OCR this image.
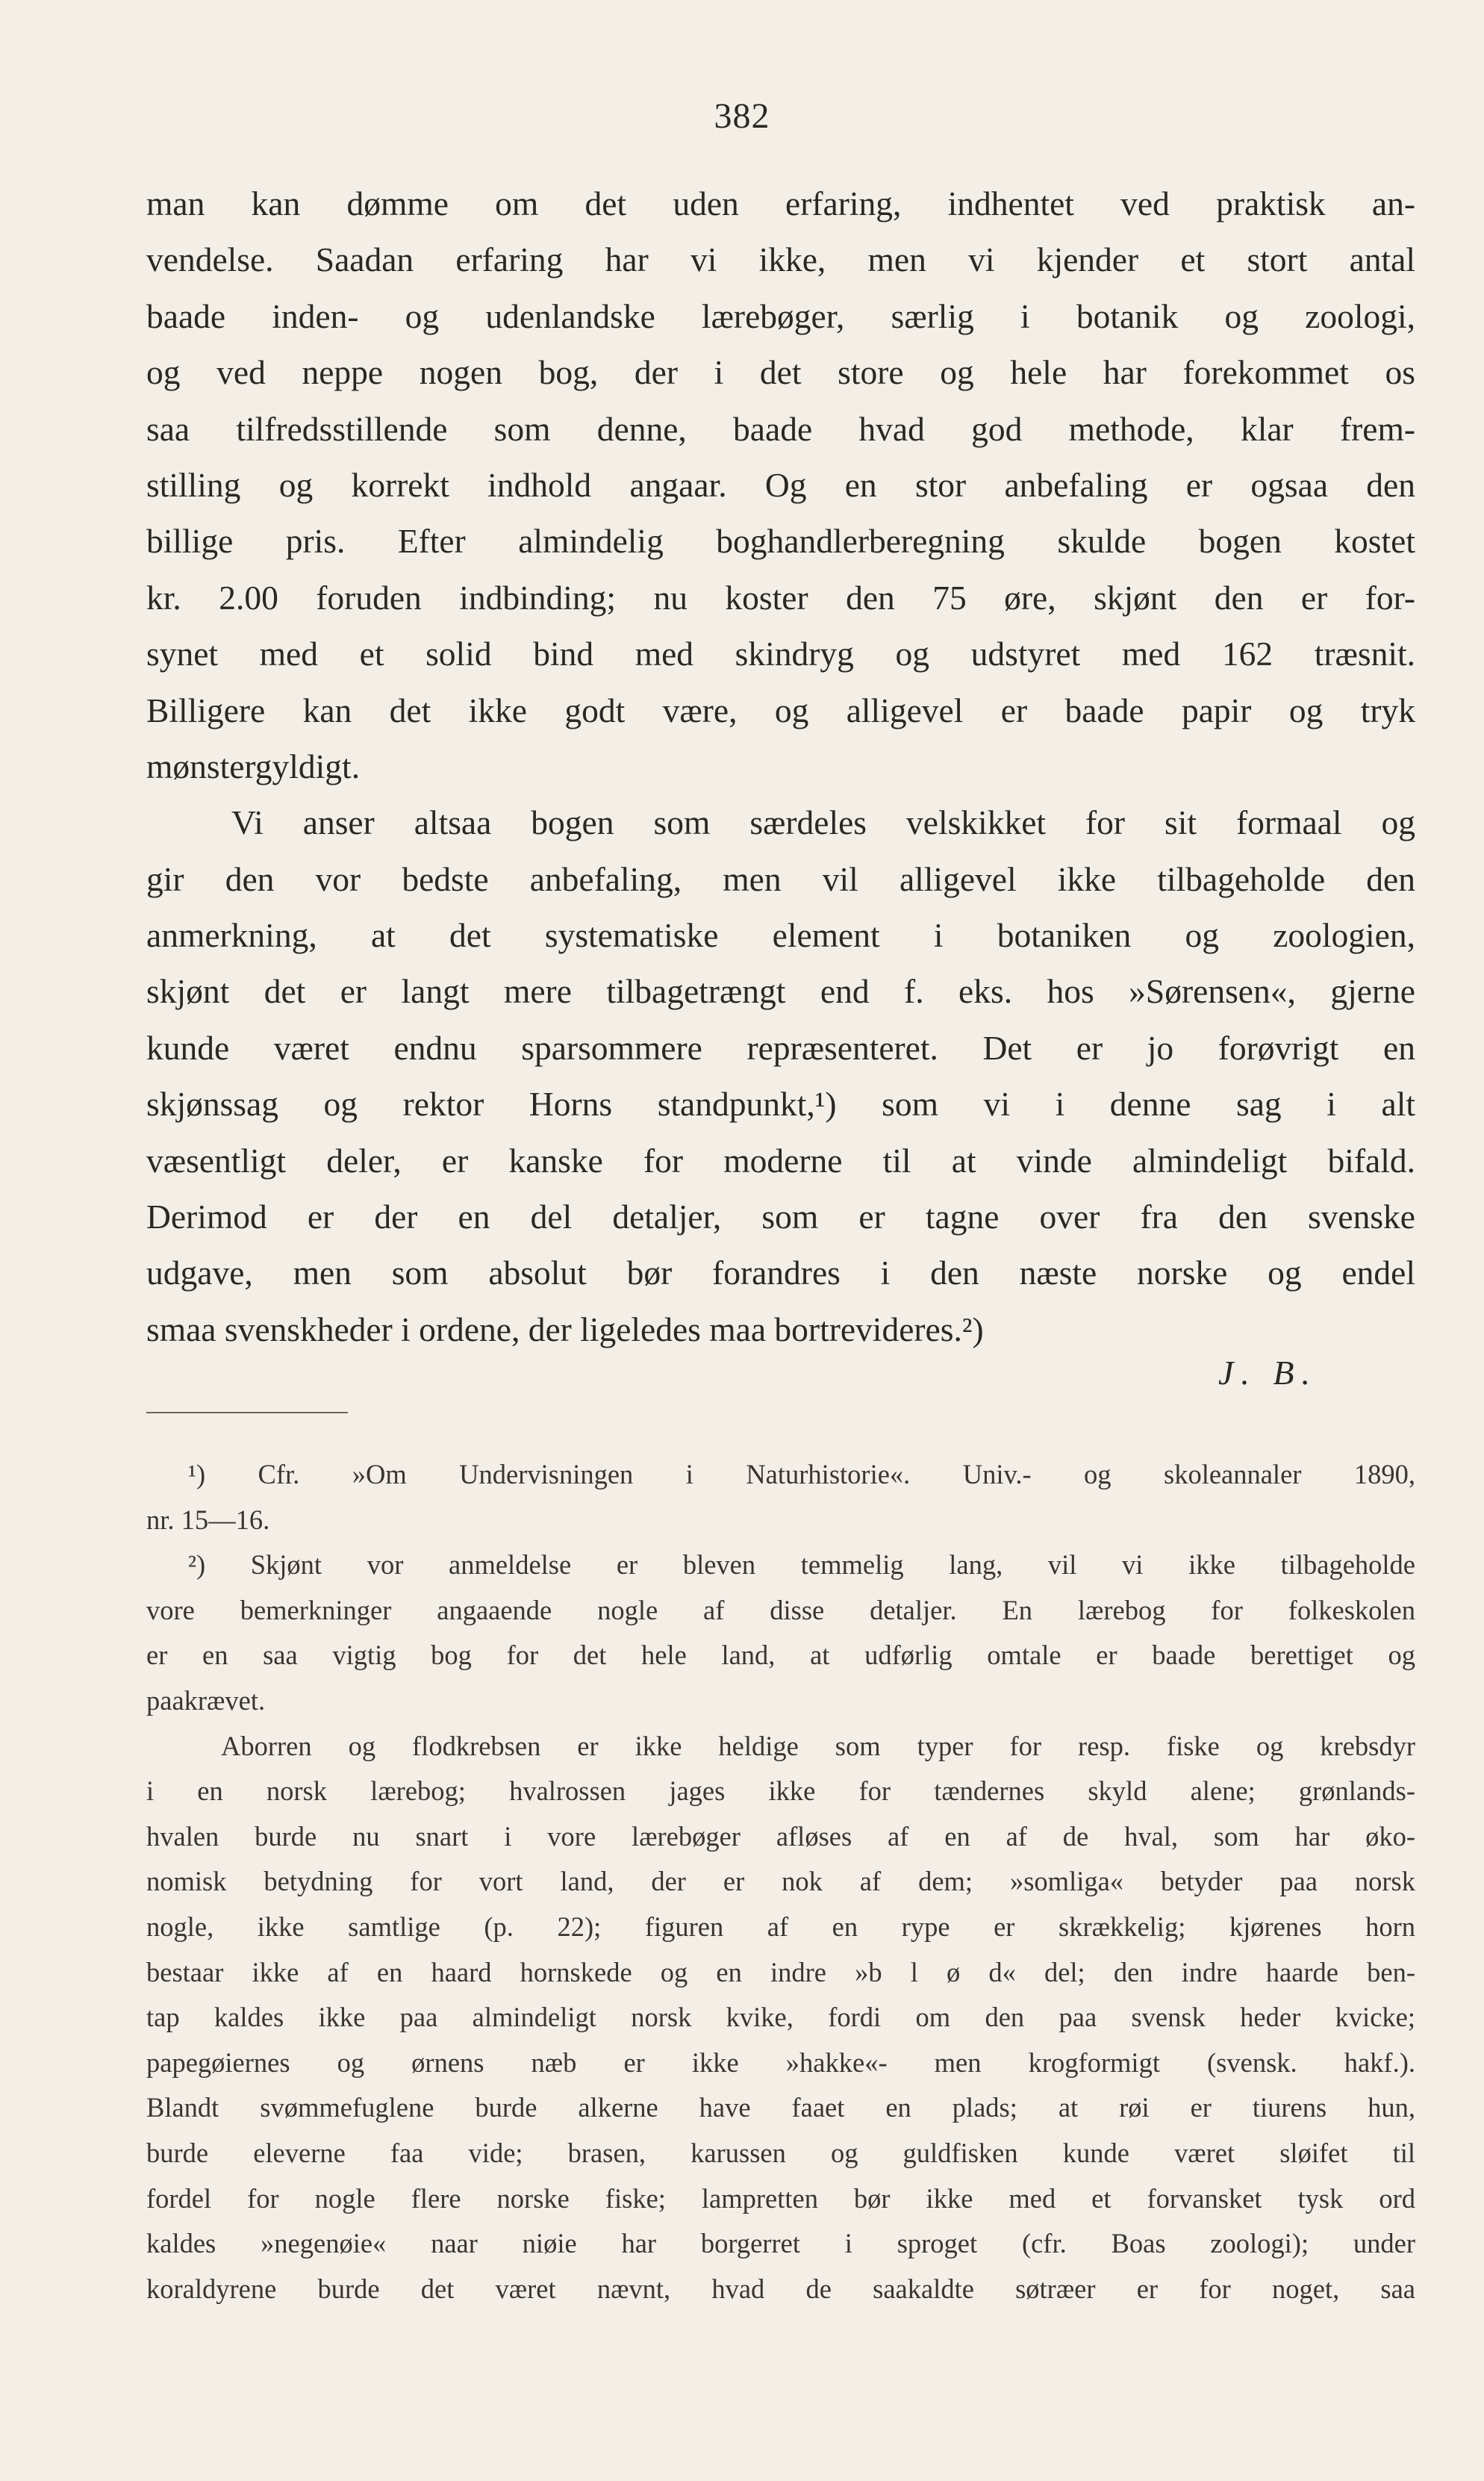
382
man kan dømme om det uden erfaring, indhentet ved praktisk an-
vendelse. Saadan erfaring har vi ikke, men vi kjender et stort antal
baade inden- og udenlandske lærebøger, særlig i botanik og zoologi,
og ved neppe nogen bog, der i det store og hele har forekommet os
saa tilfredsstillende som denne, baade hvad god methode, klar frem-
stilling og korrekt indhold angaar. Og en stor anbefaling er ogsaa den
billige pris. Efter almindelig boghandlerberegning skulde bogen kostet
kr. 2.00 foruden indbinding; nu koster den 75 øre, skjønt den er for-
synet med et solid bind med skindryg og udstyret med 162 træsnit.
Billigere kan det ikke godt være, og alligevel er baade papir og tryk
mønstergyldigt.
Vi anser altsaa bogen som særdeles velskikket for sit formaal og
gir den vor bedste anbefaling, men vil alligevel ikke tilbageholde den
anmerkning, at det systematiske element i botaniken og zoologien,
skjønt det er langt mere tilbagetrængt end f. eks. hos »Sørensen«, gjerne
kunde været endnu sparsommere repræsenteret. Det er jo forøvrigt en
skjønssag og rektor Horns standpunkt,¹) som vi i denne sag i alt
væsentligt deler, er kanske for moderne til at vinde almindeligt bifald.
Derimod er der en del detaljer, som er tagne over fra den svenske
udgave, men som absolut bør forandres i den næste norske og endel
smaa svenskheder i ordene, der ligeledes maa bortrevideres.²)
J. B.
¹) Cfr. »Om Undervisningen i Naturhistorie«. Univ.- og skoleannaler 1890,
nr. 15—16.
²) Skjønt vor anmeldelse er bleven temmelig lang, vil vi ikke tilbageholde
vore bemerkninger angaaende nogle af disse detaljer. En lærebog for folkeskolen
er en saa vigtig bog for det hele land, at udførlig omtale er baade berettiget og
paakrævet.
Aborren og flodkrebsen er ikke heldige som typer for resp. fiske og krebsdyr
i en norsk lærebog; hvalrossen jages ikke for tændernes skyld alene; grønlands-
hvalen burde nu snart i vore lærebøger afløses af en af de hval, som har øko-
nomisk betydning for vort land, der er nok af dem; »somliga« betyder paa norsk
nogle, ikke samtlige (p. 22); figuren af en rype er skrækkelig; kjørenes horn
bestaar ikke af en haard hornskede og en indre »b l ø d« del; den indre haarde ben-
tap kaldes ikke paa almindeligt norsk kvike, fordi om den paa svensk heder kvicke;
papegøiernes og ørnens næb er ikke »hakke«- men krogformigt (svensk. hakf.).
Blandt svømmefuglene burde alkerne have faaet en plads; at røi er tiurens hun,
burde eleverne faa vide; brasen, karussen og guldfisken kunde været sløifet til
fordel for nogle flere norske fiske; lampretten bør ikke med et forvansket tysk ord
kaldes »negenøie« naar niøie har borgerret i sproget (cfr. Boas zoologi); under
koraldyrene burde det været nævnt, hvad de saakaldte søtræer er for noget, saa
